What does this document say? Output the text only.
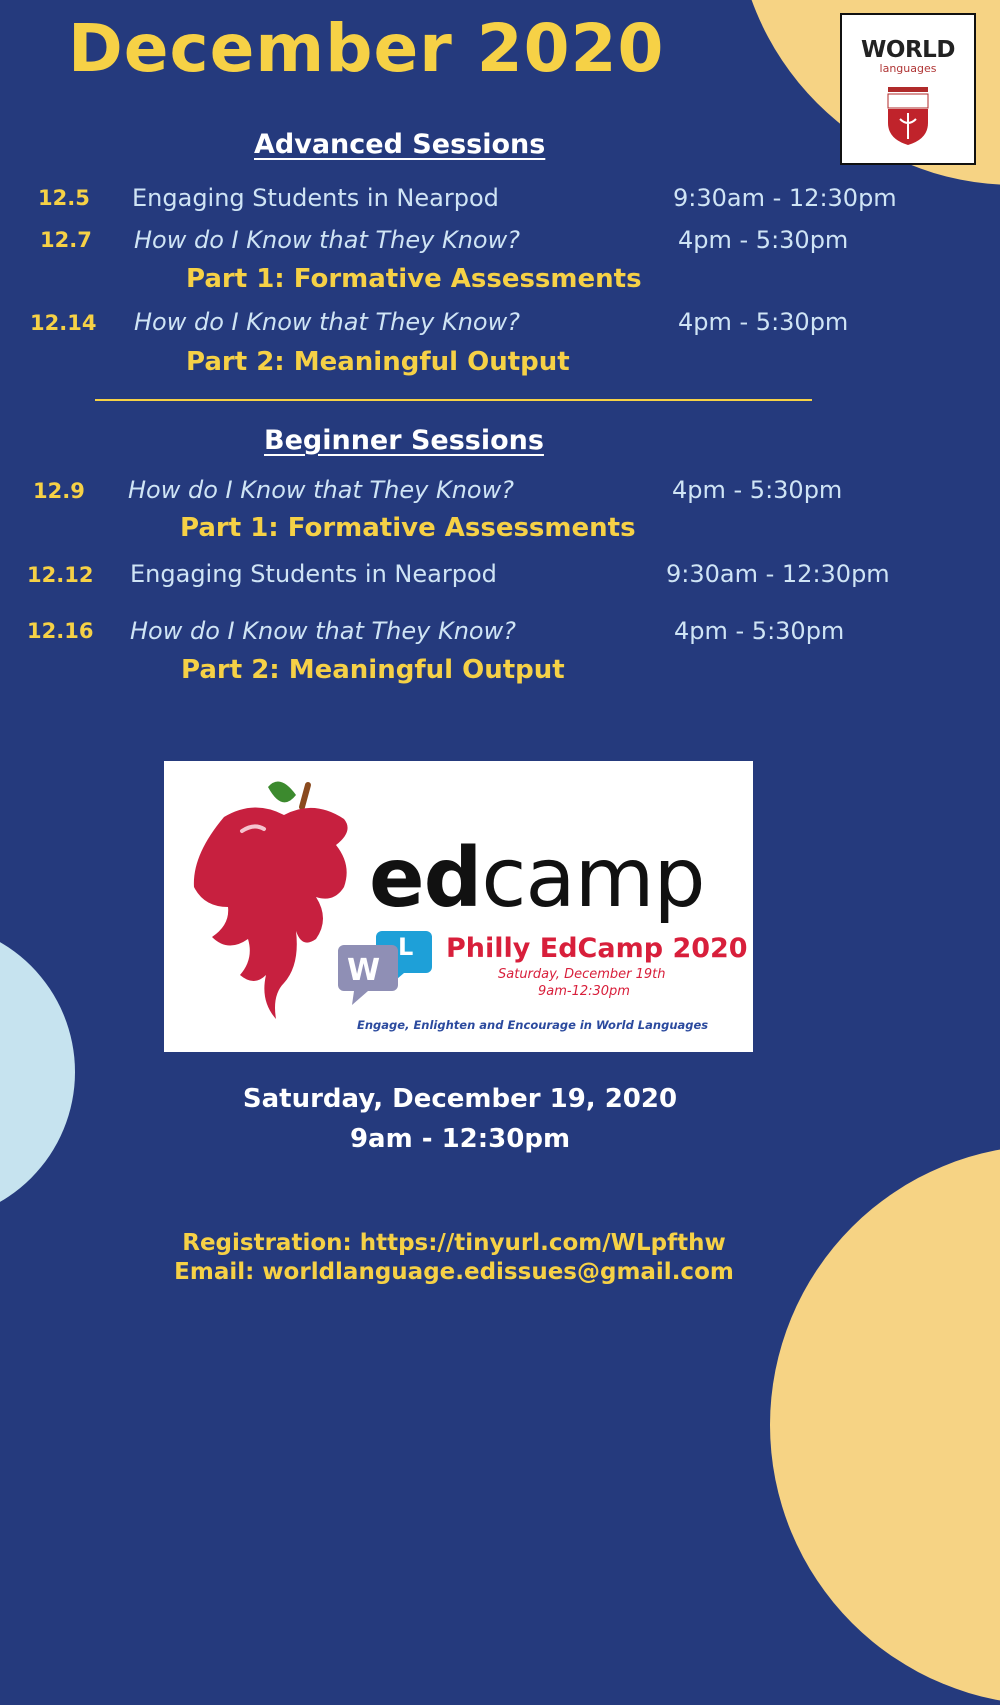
December 2020	WORLD
languages
Advanced Sessions
12.5 Engaging Students in Nearpod	9:30am - 12:30pm
12.7 How do I Know that They Know?	4pm - 5:30pm
Part 1: Formative Assessments
12.14 How do I Know that They Know?	4pm - 5:30pm
Part 2: Meaningful Output
Beginner Sessions
12.9 How do I Know that They Know?	4pm - 5:30pm
Part 1: Formative Assessments
12.12 Engaging Students in Nearpod	9:30am - 12:30pm
12.16 How do I Know that They Know?	4pm - 5:30pm
Part 2: Meaningful Output
W
L
edcamp
Philly EdCamp 2020
Saturday, December 19th
9am-12:30pm
Engage, Enlighten and Encourage in World Languages
Saturday, December 19, 2020
9am - 12:30pm
Registration: https://tinyurl.com/WLpfthw
Email: worldlanguage.edissues@gmail.com
